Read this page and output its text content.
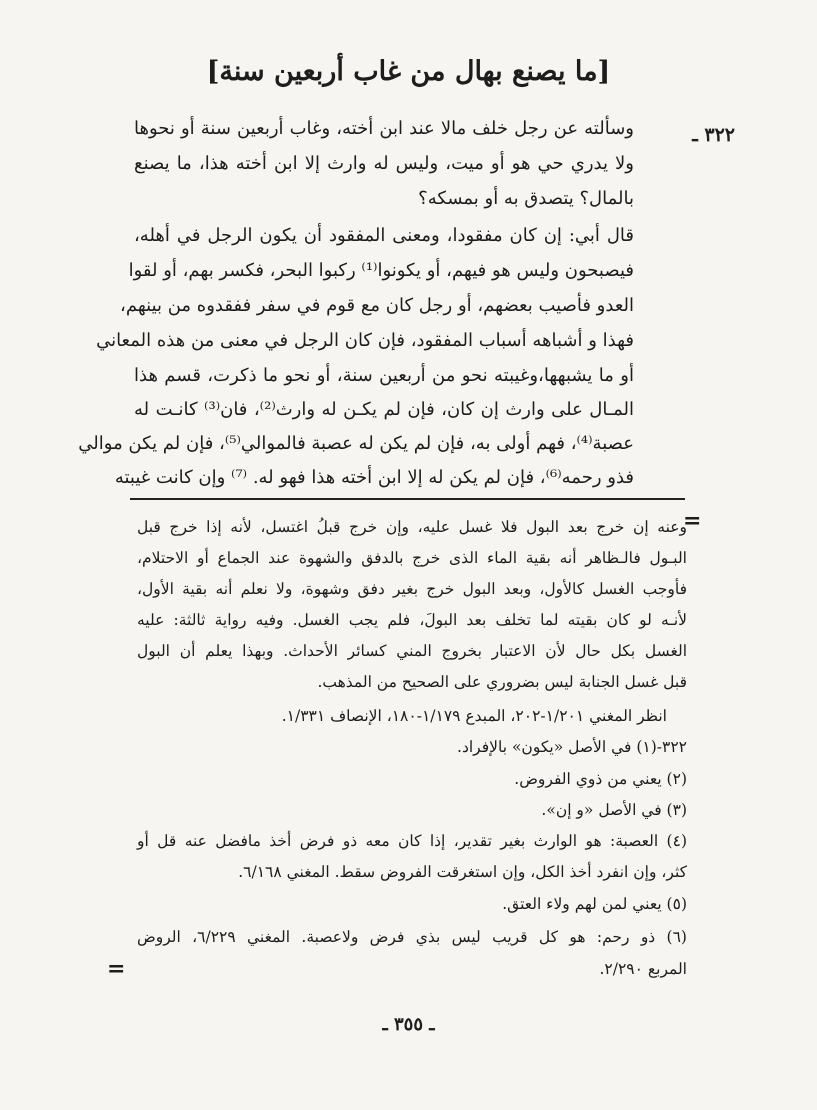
[ما يصنع بهال من غاب أربعين سنة]
٣٢٢ ـ
وسألته عن رجل خلف مالا عند ابن أخته، وغاب أربعين سنة أو نحوها
ولا يدري حي هو أو ميت، وليس له وارث إلا ابن أخته هذا، ما يصنع
بالمال؟ يتصدق به أو بمسكه؟
قال أبي: إن كان مفقودا، ومعنى المفقود أن يكون الرجل في أهله،
فيصبحون وليس هو فيهم، أو يكونوا⁽¹⁾ ركبوا البحر، فكسر بهم، أو لقوا
العدو فأصيب بعضهم، أو رجل كان مع قوم في سفر ففقدوه من بينهم،
فهذا و أشباهه أسباب المفقود، فإن كان الرجل في معنى من هذه المعاني
أو ما يشبهها،وغيبته نحو من أربعين سنة، أو نحو ما ذكرت، قسم هذا
المـال على وارث إن كان، فإن لم يكـن له وارث⁽²⁾، فان⁽³⁾ كانـت له
عصبة⁽⁴⁾، فهم أولى به، فإن لم يكن له عصبة فالموالي⁽⁵⁾، فإن لم يكن موالي
فذو رحمه⁽⁶⁾، فإن لم يكن له إلا ابن أخته هذا فهو له. ⁽⁷⁾ وإن كانت غيبته
=
وعنه إن خرج بعد البول فلا غسل عليه، وإن خرج قبلُ اغتسل، لأنه إذا خرج قبل
البـول فالـظاهر أنه بقية الماء الذى خرج بالدفق والشهوة عند الجماع أو الاحتلام،
فأوجب الغسل كالأول، وبعد البول خرج بغير دفق وشهوة، ولا نعلم أنه بقية الأول،
لأنـه لو كان بقيته لما تخلف بعد البولَ، فلم يجب الغسل. وفيه رواية ثالثة: عليه
الغسل بكل حال لأن الاعتبار بخروج المني كسائر الأحداث. وبهذا يعلم أن البول
قبل غسل الجنابة ليس بضروري على الصحيح من المذهب.
انظر المغني ١/٢٠١-٢٠٢، المبدع ١/١٧٩-١٨٠، الإنصاف ١/٣٣١.
٣٢٢-(١) في الأصل «يكون» بالإفراد.
(٢) يعني من ذوي الفروض.
(٣) في الأصل «و إن».
(٤) العصبة: هو الوارث بغير تقدير، إذا كان معه ذو فرض أخذ مافضل عنه قل أو
كثر، وإن انفرد أخذ الكل، وإن استغرقت الفروض سقط. المغني ٦/١٦٨.
(٥) يعني لمن لهم ولاء العتق.
(٦) ذو رحم: هو كل قريب ليس بذي فرض ولاعصبة. المغني ٦/٢٢٩، الروض
المربع ٢/٢٩٠.
=
ـ ٣٥٥ ـ
